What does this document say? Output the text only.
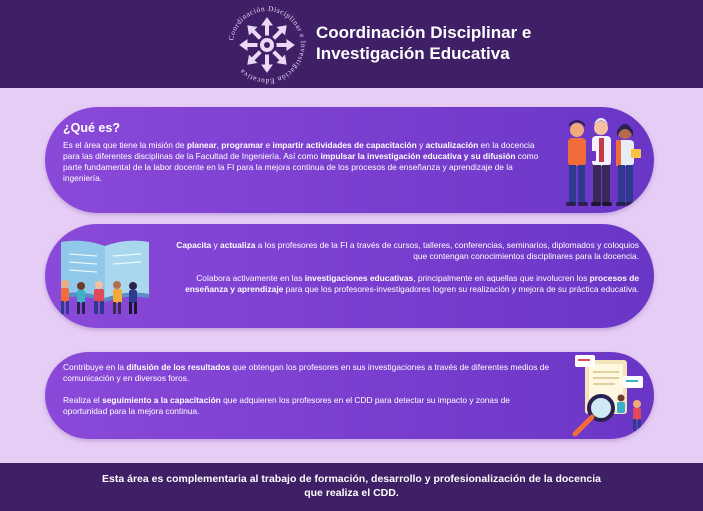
Coordinación Disciplinar e Investigación Educativa
Coordinación Disciplinar e
Investigación Educativa
¿Qué es?
Es el área que tiene la misión de planear, programar e impartir actividades de capacitación y actualización en la docencia para las diferentes disciplinas de la Facultad de Ingeniería. Así como impulsar la investigación educativa y su difusión como parte fundamental de la labor docente en la FI para la mejora continua de los procesos de enseñanza y aprendizaje de la ingeniería.
Capacita y actualiza a los profesores de la FI a través de cursos, talleres, conferencias, seminarios, diplomados y coloquios que contengan conocimientos disciplinares para la docencia.
Colabora activamente en las investigaciones educativas, principalmente en aquellas que involucren los procesos de enseñanza y aprendizaje para que los profesores-investigadores logren su realización y mejora de su práctica educativa.
Contribuye en la difusión de los resultados que obtengan los profesores en sus investigaciones a través de diferentes medios de comunicación y en diversos foros.
Realiza el seguimiento a la capacitación que adquieren los profesores en el CDD para detectar su impacto y zonas de oportunidad para la mejora continua.
Esta área es complementaria al trabajo de formación, desarrollo y profesionalización de la docencia que realiza el CDD.
